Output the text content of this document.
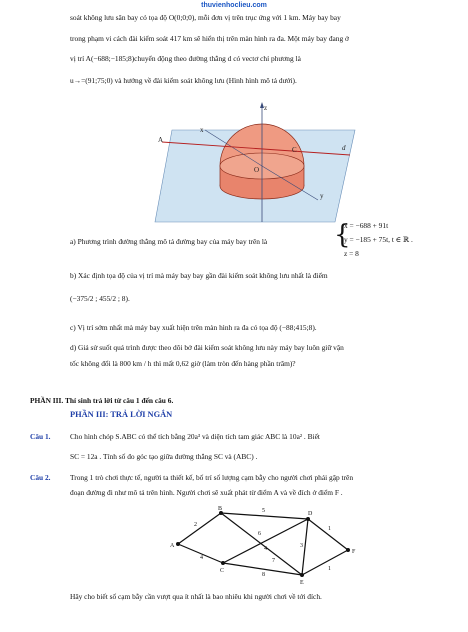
thuvienhoclieu.com
soát không lưu sân bay có tọa độ O(0;0;0), mỗi đơn vị trên trục ứng với 1 km. Máy bay bay
trong phạm vi cách đài kiểm soát 417 km sẽ hiển thị trên màn hình ra đa. Một máy bay đang ở
vị trí A(−688;−185;8)chuyển động theo đường thẳng d có vectơ chỉ phương là
u→=(91;75;0) và hướng về đài kiểm soát không lưu (Hình hình mô tả dưới).
z
y
x
O
C	d
A
a) Phương trình đường thẳng mô tả đường bay của máy bay trên là	{
x = −688 + 91t
y = −185 + 75t, t ∈ ℝ .
z = 8
b) Xác định tọa độ của vị trí mà máy bay bay gần đài kiểm soát không lưu nhất là điểm
(−375/2 ; 455/2 ; 8).
c) Vị trí sớm nhất mà máy bay xuất hiện trên màn hình ra đa có tọa độ (−88;415;8).
d) Giả sử suốt quá trình được theo dõi bở đài kiểm soát không lưu này máy bay luôn giữ vận
tốc không đổi là 800 km / h thì mất 0,62 giờ (làm tròn đến hàng phần trăm)?
PHẦN III. Thí sinh trả lời từ câu 1 đến câu 6.
PHẦN III: TRẢ LỜI NGẮN
Câu 1.	Cho hình chóp S.ABC có thể tích bằng 20a³ và diện tích tam giác ABC là 10a² . Biết
SC = 12a . Tính số đo góc tạo giữa đường thẳng SC và (ABC) .
Câu 2.	Trong 1 trò chơi thực tế, người ta thiết kế, bố trí số lượng cạm bẫy cho người chơi phải gặp trên
đoạn đường đi như mô tả trên hình. Người chơi sẽ xuất phát từ điểm A và về đích ở điểm F .
A
B
C
D
E
F
2
5
4
6
4	3
8
1
1
7
Hãy cho biết số cạm bẫy cần vượt qua ít nhất là bao nhiêu khi người chơi về tới đích.
